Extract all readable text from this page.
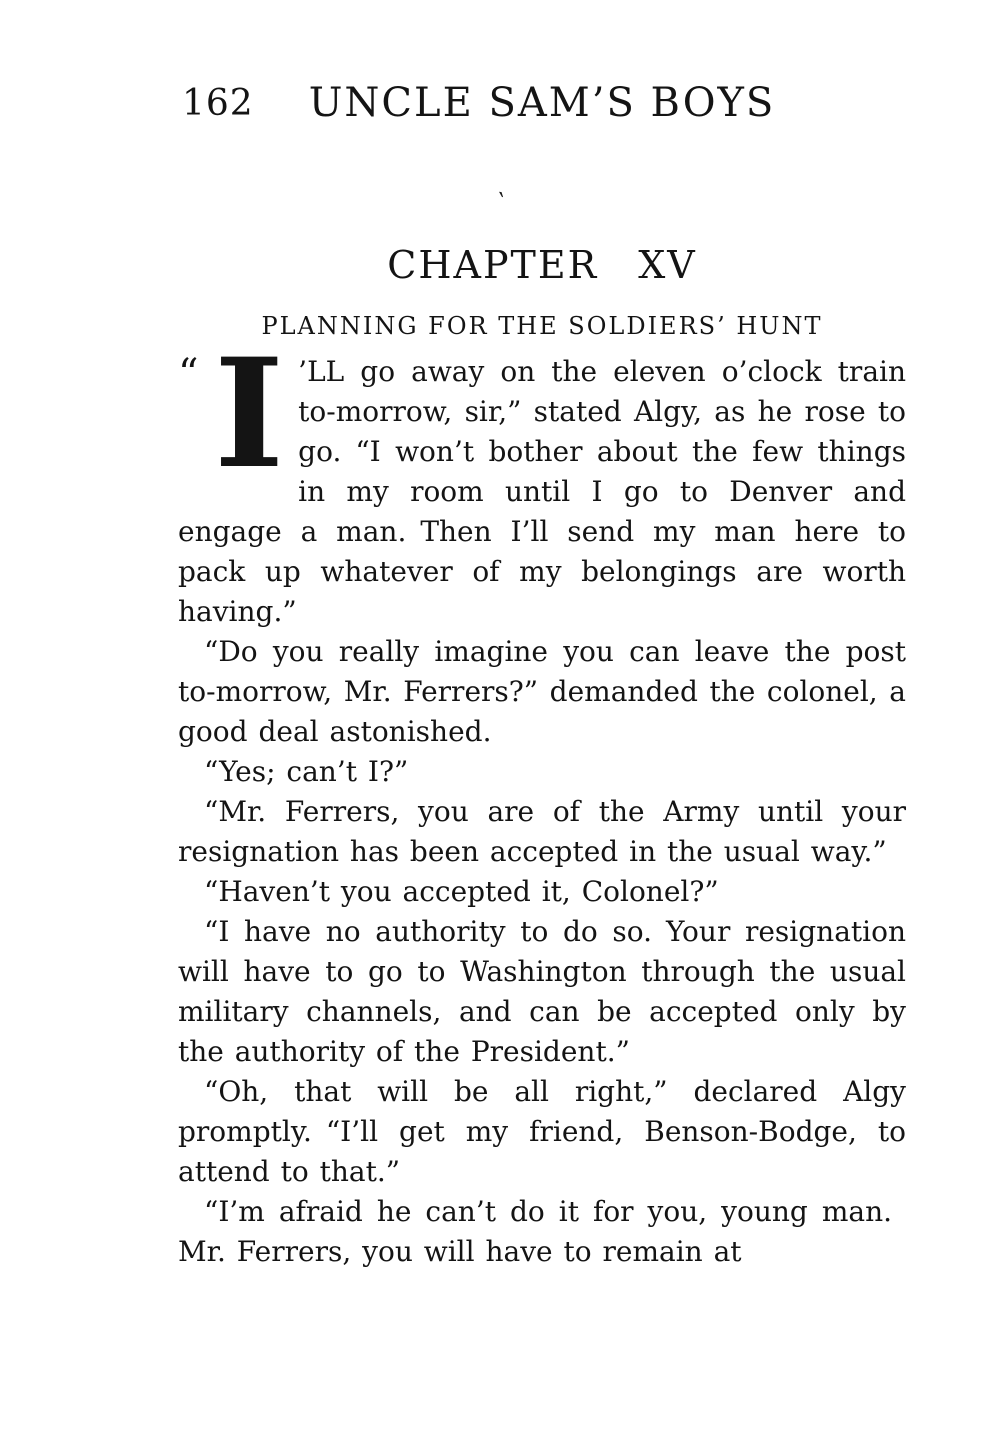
162	UNCLE SAM’S BOYS
‵
CHAPTER XV
PLANNING FOR THE SOLDIERS’ HUNT

“ I ’LL go away on the eleven o’clock train to-morrow, sir,” stated Algy, as he rose to go. “I won’t bother about the few things in my room until I go to Denver and engage a man. Then I’ll send my man here to pack up whatever of my belongings are worth having.”

“Do you really imagine you can leave the post to-morrow, Mr. Ferrers?” demanded the colonel, a good deal astonished.

“Yes; can’t I?”

“Mr. Ferrers, you are of the Army until your resignation has been accepted in the usual way.”

“Haven’t you accepted it, Colonel?”

“I have no authority to do so. Your resignation will have to go to Washington through the usual military channels, and can be accepted only by the authority of the President.”

“Oh, that will be all right,” declared Algy promptly. “I’ll get my friend, Benson-Bodge, to attend to that.”

“I’m afraid he can’t do it for you, young man. Mr. Ferrers, you will have to remain at
